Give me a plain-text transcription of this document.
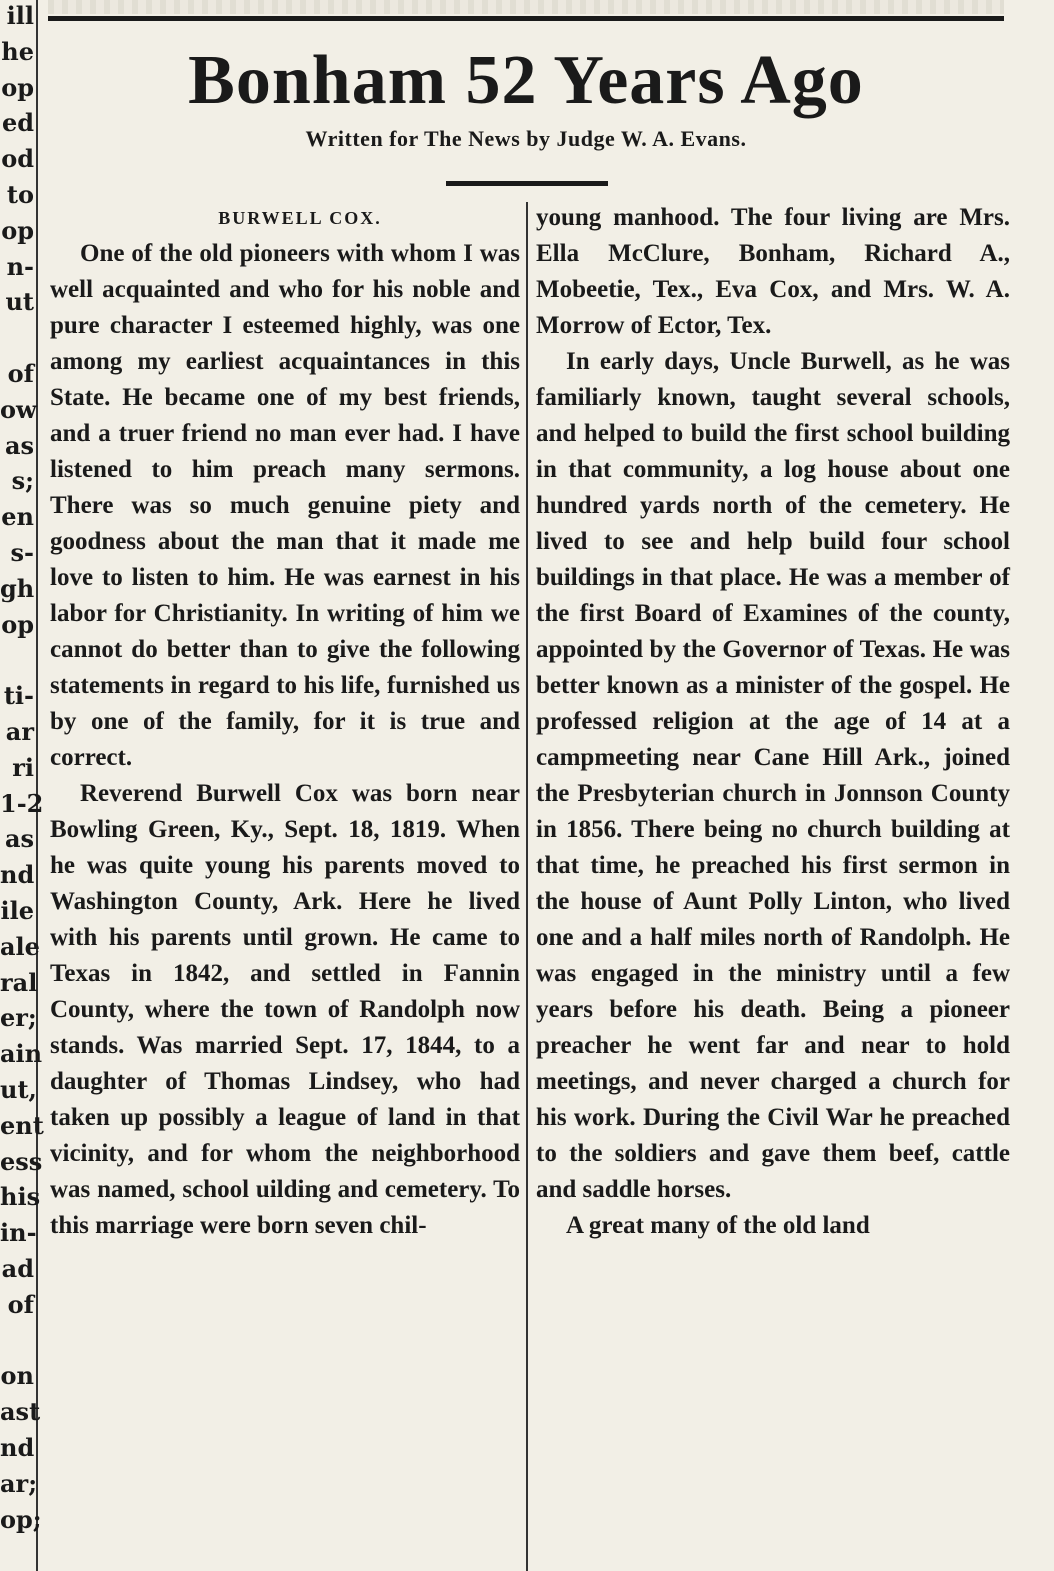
ill
he
op
ed
od
to
op
n-
ut
of
ow
as
s;
en
s-
gh
op
ti-
ar
ri
1-2
as
nd
ile
ale
ral
er;
ain
ut,
ent
ess
his
in-
ad
of
on
ast
nd
ar;
op;
Bonham 52 Years Ago
Written for The News by Judge W. A. Evans.

BURWELL COX.

One of the old pioneers with whom I was well acquainted and who for his noble and pure character I esteemed highly, was one among my earliest acquaintances in this State. He became one of my best friends, and a truer friend no man ever had. I have listened to him preach many sermons. There was so much genuine piety and goodness about the man that it made me love to listen to him. He was earnest in his labor for Christianity. In writing of him we cannot do better than to give the following statements in regard to his life, furnished us by one of the family, for it is true and correct.

Reverend Burwell Cox was born near Bowling Green, Ky., Sept. 18, 1819. When he was quite young his parents moved to Washington County, Ark. Here he lived with his parents until grown. He came to Texas in 1842, and settled in Fannin County, where the town of Randolph now stands. Was married Sept. 17, 1844, to a daughter of Thomas Lindsey, who had taken up possibly a league of land in that vicinity, and for whom the neighborhood was named, school uilding and cemetery. To this marriage were born seven chil-

young manhood. The four living are Mrs. Ella McClure, Bonham, Richard A., Mobeetie, Tex., Eva Cox, and Mrs. W. A. Morrow of Ector, Tex.

In early days, Uncle Burwell, as he was familiarly known, taught several schools, and helped to build the first school building in that community, a log house about one hundred yards north of the cemetery. He lived to see and help build four school buildings in that place. He was a member of the first Board of Examines of the county, appointed by the Governor of Texas. He was better known as a minister of the gospel. He professed religion at the age of 14 at a campmeeting near Cane Hill Ark., joined the Presbyterian church in Jonnson County in 1856. There being no church building at that time, he preached his first sermon in the house of Aunt Polly Linton, who lived one and a half miles north of Randolph. He was engaged in the ministry until a few years before his death. Being a pioneer preacher he went far and near to hold meetings, and never charged a church for his work. During the Civil War he preached to the soldiers and gave them beef, cattle and saddle horses.

A great many of the old land
